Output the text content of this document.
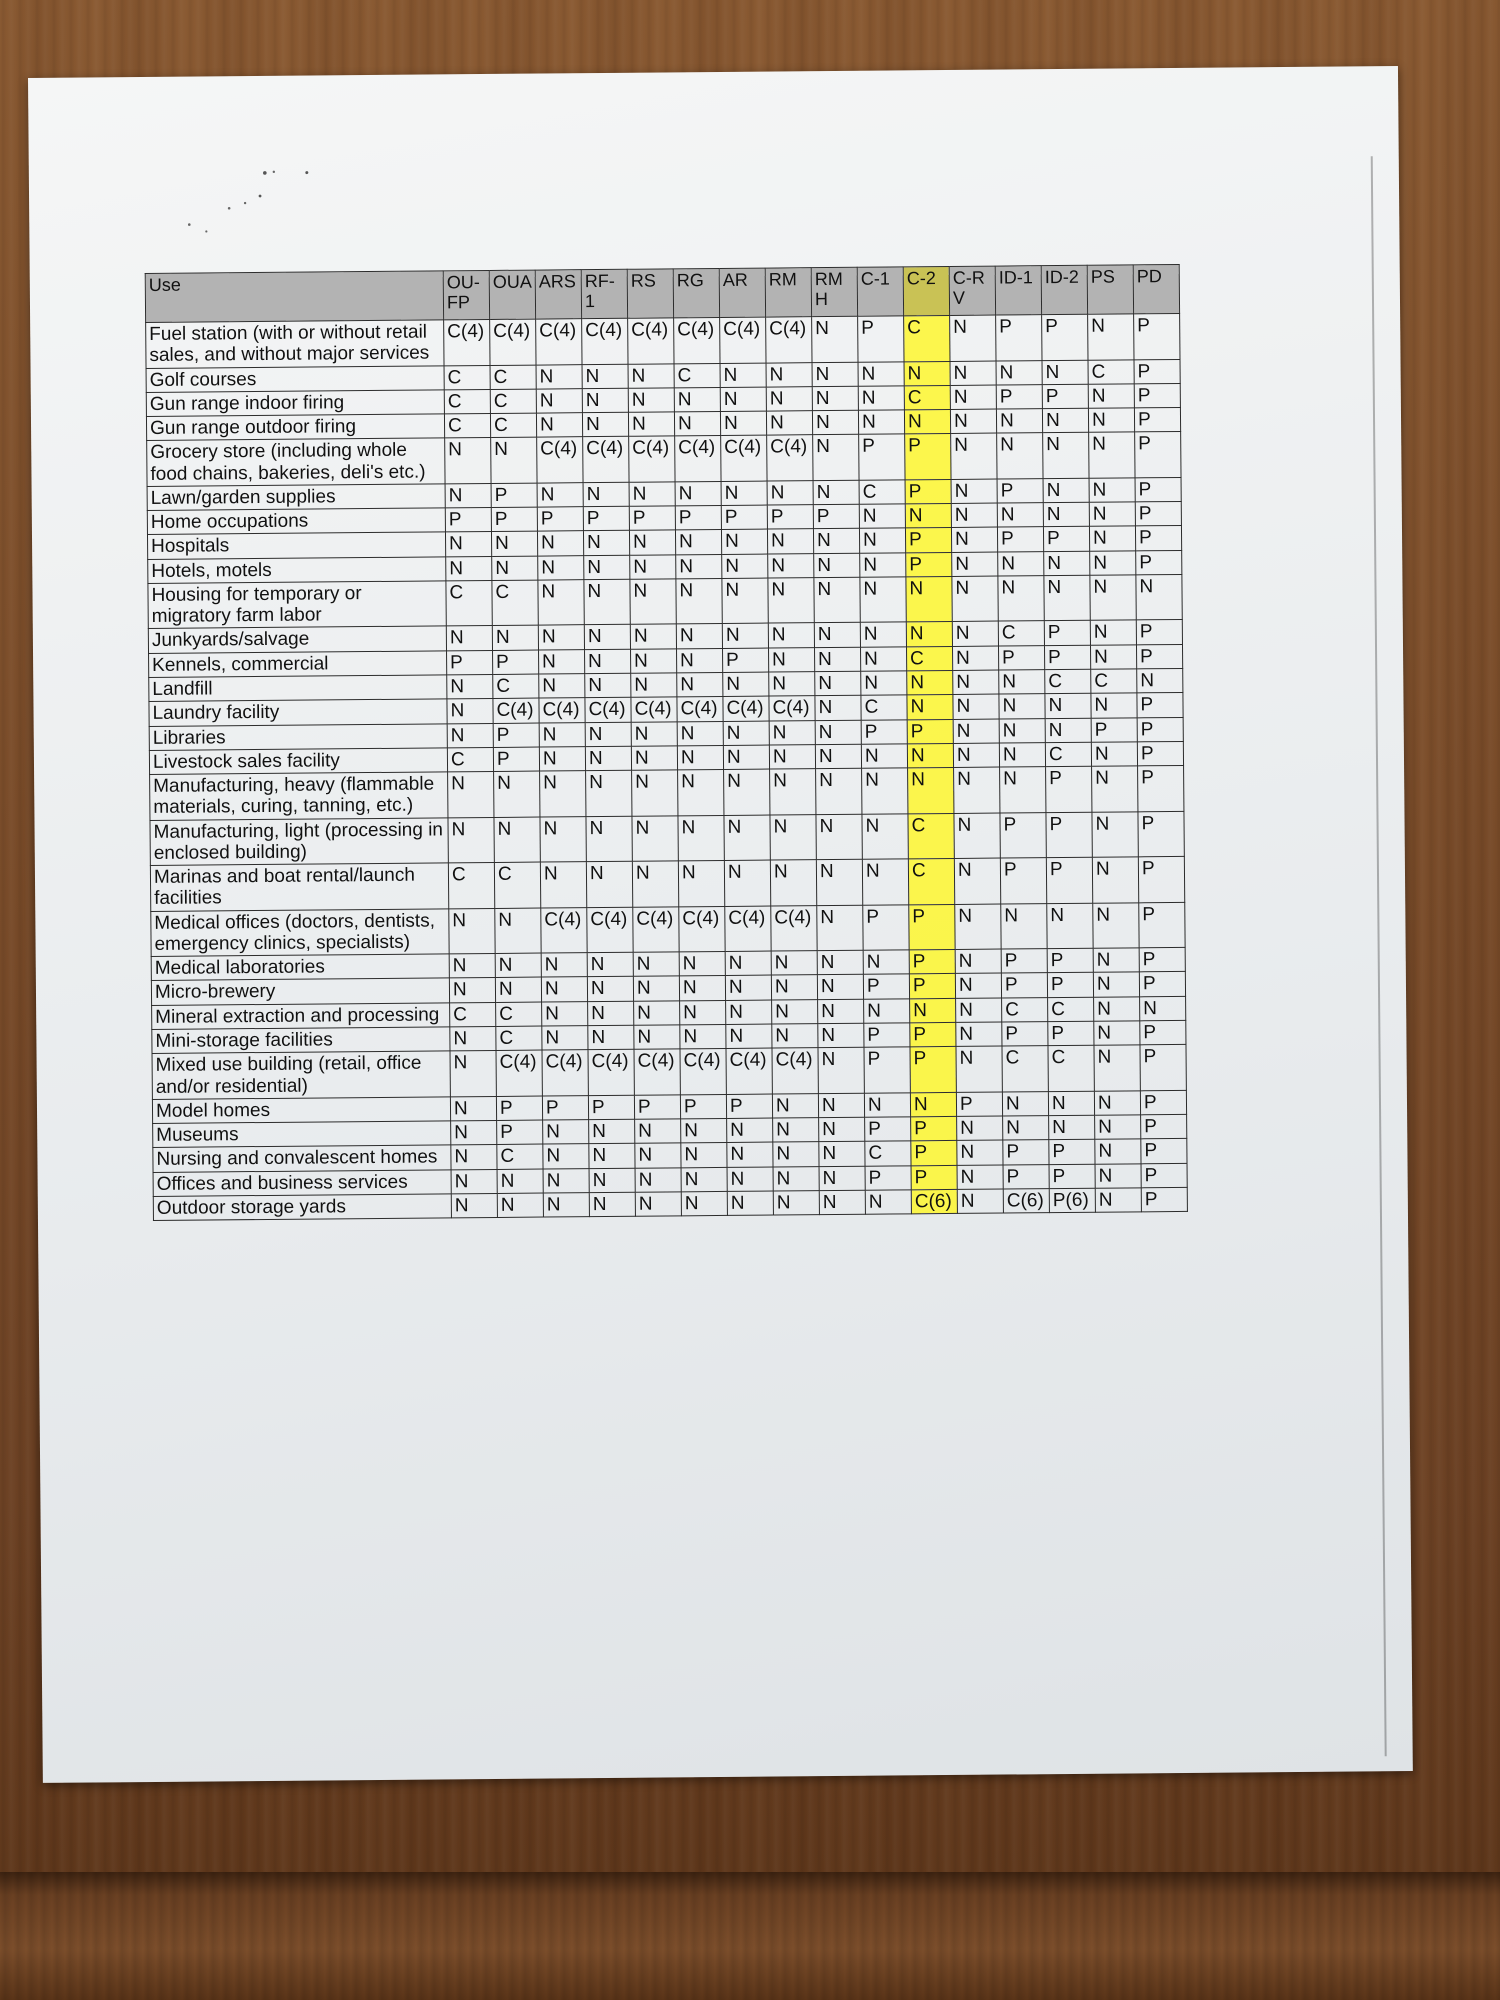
Use	OU-FP	OUA	ARS	RF-1	RS	RG	AR	RM	RMH	C-1	C-2	C-RV	ID-1	ID-2	PS	PD
Fuel station (with or without retail sales, and without major services	C(4)	C(4)	C(4)	C(4)	C(4)	C(4)	C(4)	C(4)	N	P	C	N	P	P	N	P
Golf courses	C	C	N	N	N	C	N	N	N	N	N	N	N	N	C	P
Gun range indoor firing	C	C	N	N	N	N	N	N	N	N	C	N	P	P	N	P
Gun range outdoor firing	C	C	N	N	N	N	N	N	N	N	N	N	N	N	N	P
Grocery store (including whole food chains, bakeries, deli's etc.)	N	N	C(4)	C(4)	C(4)	C(4)	C(4)	C(4)	N	P	P	N	N	N	N	P
Lawn/garden supplies	N	P	N	N	N	N	N	N	N	C	P	N	P	N	N	P
Home occupations	P	P	P	P	P	P	P	P	P	N	N	N	N	N	N	P
Hospitals	N	N	N	N	N	N	N	N	N	N	P	N	P	P	N	P
Hotels, motels	N	N	N	N	N	N	N	N	N	N	P	N	N	N	N	P
Housing for temporary or migratory farm labor	C	C	N	N	N	N	N	N	N	N	N	N	N	N	N	N
Junkyards/salvage	N	N	N	N	N	N	N	N	N	N	N	N	C	P	N	P
Kennels, commercial	P	P	N	N	N	N	P	N	N	N	C	N	P	P	N	P
Landfill	N	C	N	N	N	N	N	N	N	N	N	N	N	C	C	N
Laundry facility	N	C(4)	C(4)	C(4)	C(4)	C(4)	C(4)	C(4)	N	C	N	N	N	N	N	P
Libraries	N	P	N	N	N	N	N	N	N	P	P	N	N	N	P	P
Livestock sales facility	C	P	N	N	N	N	N	N	N	N	N	N	N	C	N	P
Manufacturing, heavy (flammable materials, curing, tanning, etc.)	N	N	N	N	N	N	N	N	N	N	N	N	N	P	N	P
Manufacturing, light (processing in enclosed building)	N	N	N	N	N	N	N	N	N	N	C	N	P	P	N	P
Marinas and boat rental/launch facilities	C	C	N	N	N	N	N	N	N	N	C	N	P	P	N	P
Medical offices (doctors, dentists, emergency clinics, specialists)	N	N	C(4)	C(4)	C(4)	C(4)	C(4)	C(4)	N	P	P	N	N	N	N	P
Medical laboratories	N	N	N	N	N	N	N	N	N	N	P	N	P	P	N	P
Micro-brewery	N	N	N	N	N	N	N	N	N	P	P	N	P	P	N	P
Mineral extraction and processing	C	C	N	N	N	N	N	N	N	N	N	N	C	C	N	N
Mini-storage facilities	N	C	N	N	N	N	N	N	N	P	P	N	P	P	N	P
Mixed use building (retail, office and/or residential)	N	C(4)	C(4)	C(4)	C(4)	C(4)	C(4)	C(4)	N	P	P	N	C	C	N	P
Model homes	N	P	P	P	P	P	P	N	N	N	N	P	N	N	N	P
Museums	N	P	N	N	N	N	N	N	N	P	P	N	N	N	N	P
Nursing and convalescent homes	N	C	N	N	N	N	N	N	N	C	P	N	P	P	N	P
Offices and business services	N	N	N	N	N	N	N	N	N	P	P	N	P	P	N	P
Outdoor storage yards	N	N	N	N	N	N	N	N	N	N	C(6)	N	C(6)	P(6)	N	P
